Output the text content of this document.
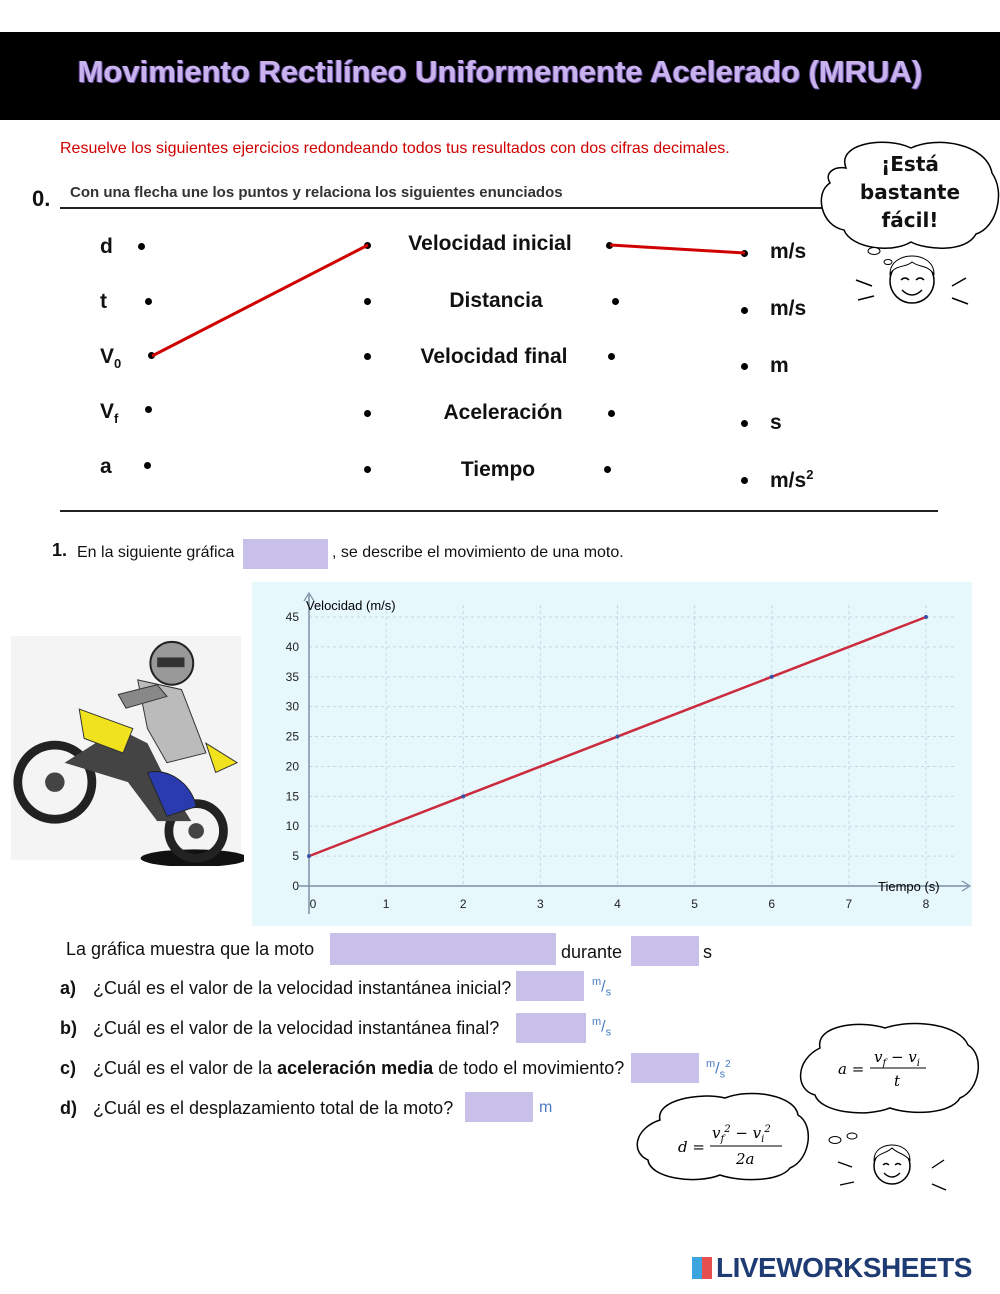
Movimiento Rectilíneo Uniformemente Acelerado (MRUA)
Resuelve los siguientes ejercicios redondeando todos tus resultados con dos cifras decimales.
0. Con una flecha une los puntos y relaciona los siguientes enunciados
d
t
$V_0$
$V_f$
a
Velocidad inicial
Distancia
Velocidad final
Aceleración
Tiempo
m/s
m/s
m
s
$m/s^2$
¡Está
bastante
fácil!
1. En la siguiente gráfica	, se describe el movimiento de una moto.
0	1	2	3	4	5	6	7	8
0
5
10
15
20
25
30
35
40
45
Velocidad (m/s)
Tiempo (s)
La gráfica muestra que la moto	durante	s
a) ¿Cuál es el valor de la velocidad instantánea inicial?	$^m/_s$
b) ¿Cuál es el valor de la velocidad instantánea final?	$^m/_s$
c) ¿Cuál es el valor de la aceleración media de todo el movimiento?	$^m/_s^2$
d) ¿Cuál es el desplazamiento total de la moto?	m
a =
$v_f - v_i$
t
d =
$v_f^2 - v_i^2$
2a
LIVEWORKSHEETS
